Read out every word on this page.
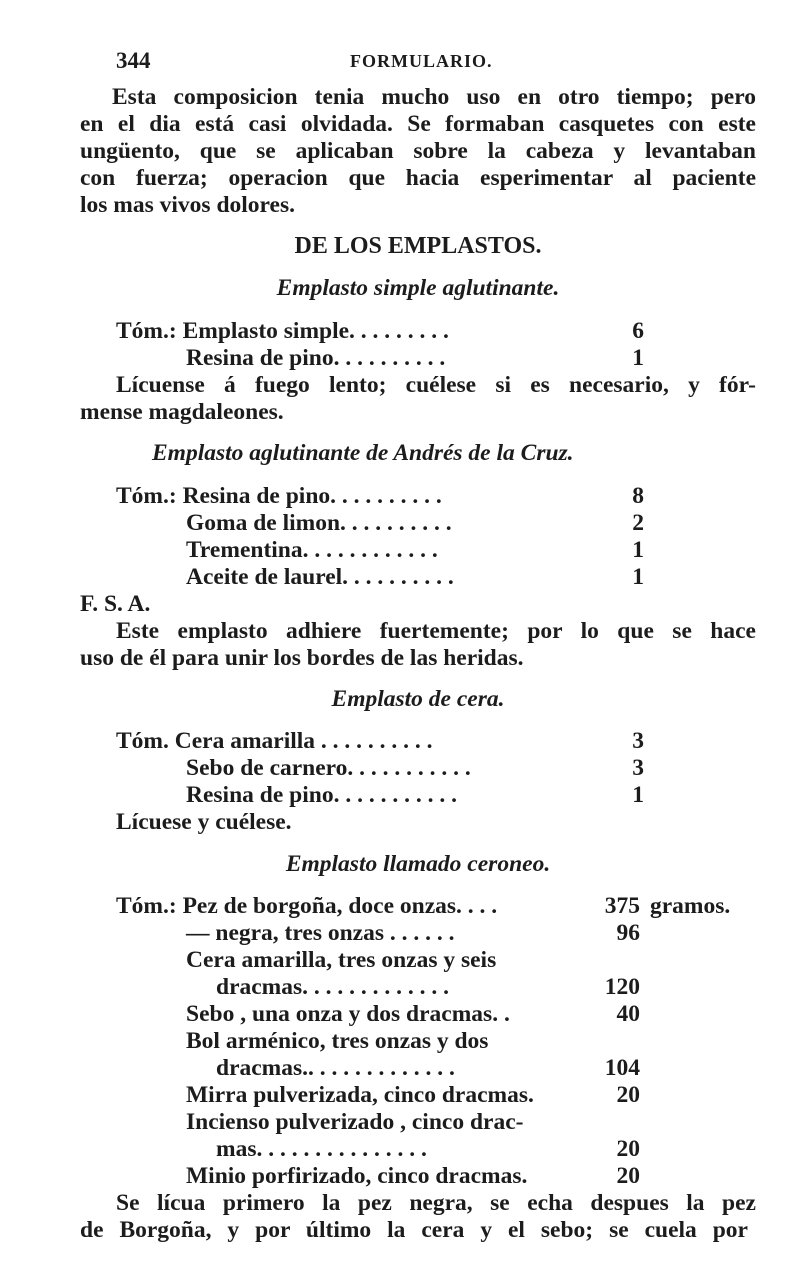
344	FORMULARIO.
Esta composicion tenia mucho uso en otro tiempo; pero
en el dia está casi olvidada. Se formaban casquetes con este
ungüento, que se aplicaban sobre la cabeza y levantaban
con fuerza; operacion que hacia esperimentar al paciente
los mas vivos dolores.
DE LOS EMPLASTOS.
Emplasto simple aglutinante.
Tóm.: Emplasto simple. . . . . . . . .	6
Resina de pino. . . . . . . . . .	1
Lícuense á fuego lento; cuélese si es necesario, y fór-
mense magdaleones.
Emplasto aglutinante de Andrés de la Cruz.
Tóm.: Resina de pino. . . . . . . . . .	8
Goma de limon. . . . . . . . . .	2
Trementina. . . . . . . . . . . .	1
Aceite de laurel. . . . . . . . . .	1
F. S. A.
Este emplasto adhiere fuertemente; por lo que se hace
uso de él para unir los bordes de las heridas.
Emplasto de cera.
Tóm. Cera amarilla . . . . . . . . . .	3
Sebo de carnero. . . . . . . . . . .	3
Resina de pino. . . . . . . . . . .	1
Lícuese y cuélese.
Emplasto llamado ceroneo.
Tóm.: Pez de borgoña, doce onzas. . . .	375 gramos.
— negra, tres onzas . . . . . .	96
Cera amarilla, tres onzas y seis
dracmas. . . . . . . . . . . . .	120
Sebo , una onza y dos dracmas. .	40
Bol arménico, tres onzas y dos
dracmas.. . . . . . . . . . . . .	104
Mirra pulverizada, cinco dracmas.	20
Incienso pulverizado , cinco drac-
mas. . . . . . . . . . . . . . .	20
Minio porfirizado, cinco dracmas.	20
Se lícua primero la pez negra, se echa despues la pez
de Borgoña, y por último la cera y el sebo; se cuela por
